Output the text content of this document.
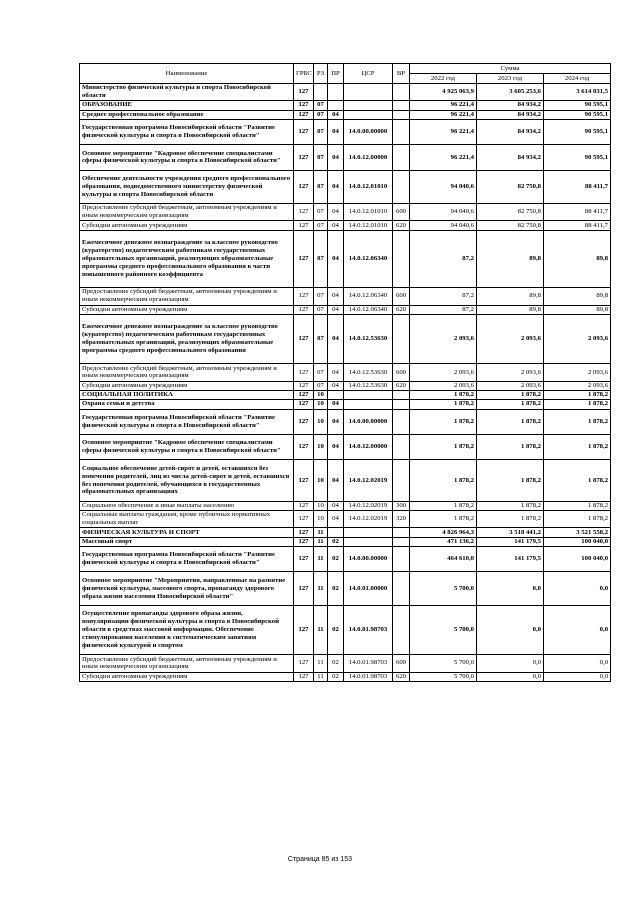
Наименование	ГРБС	РЗ	ПР	ЦСР	ВР	Сумма		
						2022 год	2023 год	2024 год
Министерство физической культуры и спорта Новосибирской области	127					4 925 063,9	3 605 253,6	3 614 031,5
ОБРАЗОВАНИЕ	127	07				96 221,4	84 934,2	90 595,1
Среднее профессиональное образование	127	07	04			96 221,4	84 934,2	90 595,1
Государственная программа Новосибирской области "Развитие физической культуры и спорта в Новосибирской области"	127	07	04	14.0.00.00000		96 221,4	84 934,2	90 595,1
Основное мероприятие "Кадровое обеспечение специалистами сферы физической культуры и спорта в Новосибирской области"	127	07	04	14.0.12.00000		96 221,4	84 934,2	90 595,1
Обеспечение деятельности учреждения среднего профессионального образования, подведомственного министерству физической культуры и спорта Новосибирской области	127	07	04	14.0.12.01010		94 040,6	82 750,8	88 411,7
Предоставление субсидий бюджетным, автономным учреждениям и иным некоммерческим организациям	127	07	04	14.0.12.01010	600	94 040,6	82 750,8	88 411,7
Субсидии автономным учреждениям	127	07	04	14.0.12.01010	620	94 040,6	82 750,8	88 411,7
Ежемесячное денежное вознаграждение за классное руководство (кураторство) педагогическим работникам государственных образовательных организаций, реализующих образовательные программы среднего профессионального образования в части повышенного районного коэффициента	127	07	04	14.0.12.06340		87,2	89,8	89,8
Предоставление субсидий бюджетным, автономным учреждениям и иным некоммерческим организациям	127	07	04	14.0.12.06340	600	87,2	89,8	89,8
Субсидии автономным учреждениям	127	07	04	14.0.12.06340	620	87,2	89,8	89,8
Ежемесячное денежное вознаграждение за классное руководство (кураторство) педагогическим работникам государственных образовательных организаций, реализующих образовательные программы среднего профессионального образования	127	07	04	14.0.12.53630		2 093,6	2 093,6	2 093,6
Предоставление субсидий бюджетным, автономным учреждениям и иным некоммерческим организациям	127	07	04	14.0.12.53630	600	2 093,6	2 093,6	2 093,6
Субсидии автономным учреждениям	127	07	04	14.0.12.53630	620	2 093,6	2 093,6	2 093,6
СОЦИАЛЬНАЯ ПОЛИТИКА	127	10				1 878,2	1 878,2	1 878,2
Охрана семьи и детства	127	10	04			1 878,2	1 878,2	1 878,2
Государственная программа Новосибирской области "Развитие физической культуры и спорта в Новосибирской области"	127	10	04	14.0.00.00000		1 878,2	1 878,2	1 878,2
Основное мероприятие "Кадровое обеспечение специалистами сферы физической культуры и спорта в Новосибирской области"	127	10	04	14.0.12.00000		1 878,2	1 878,2	1 878,2
Социальное обеспечение детей-сирот и детей, оставшихся без попечения родителей, лиц из числа детей-сирот и детей, оставшихся без попечения родителей, обучающихся в государственных образовательных организациях	127	10	04	14.0.12.02019		1 878,2	1 878,2	1 878,2
Социальное обеспечение и иные выплаты населению	127	10	04	14.0.12.02019	300	1 878,2	1 878,2	1 878,2
Социальные выплаты гражданам, кроме публичных нормативных социальных выплат	127	10	04	14.0.12.02019	320	1 878,2	1 878,2	1 878,2
ФИЗИЧЕСКАЯ КУЛЬТУРА И СПОРТ	127	11				4 826 964,3	3 518 441,2	3 521 558,2
Массовый спорт	127	11	02			471 136,2	141 179,5	100 040,0
Государственная программа Новосибирской области "Развитие физической культуры и спорта в Новосибирской области"	127	11	02	14.0.00.00000		464 610,0	141 179,5	100 040,0
Основное мероприятие "Мероприятия, направленные на развитие физической культуры, массового спорта, пропаганду здорового образа жизни населения Новосибирской области"	127	11	02	14.0.01.00000		5 700,0	0,0	0,0
Осуществление пропаганды здорового образа жизни, популяризации физической культуры и спорта в Новосибирской области в средствах массовой информации. Обеспечение стимулирования населения к систематическим занятиям физической культурой и спортом	127	11	02	14.0.01.98703		5 700,0	0,0	0,0
Предоставление субсидий бюджетным, автономным учреждениям и иным некоммерческим организациям	127	11	02	14.0.01.98703	600	5 700,0	0,0	0,0
Субсидии автономным учреждениям	127	11	02	14.0.01.98703	620	5 700,0	0,0	0,0
Страница 85 из 153
